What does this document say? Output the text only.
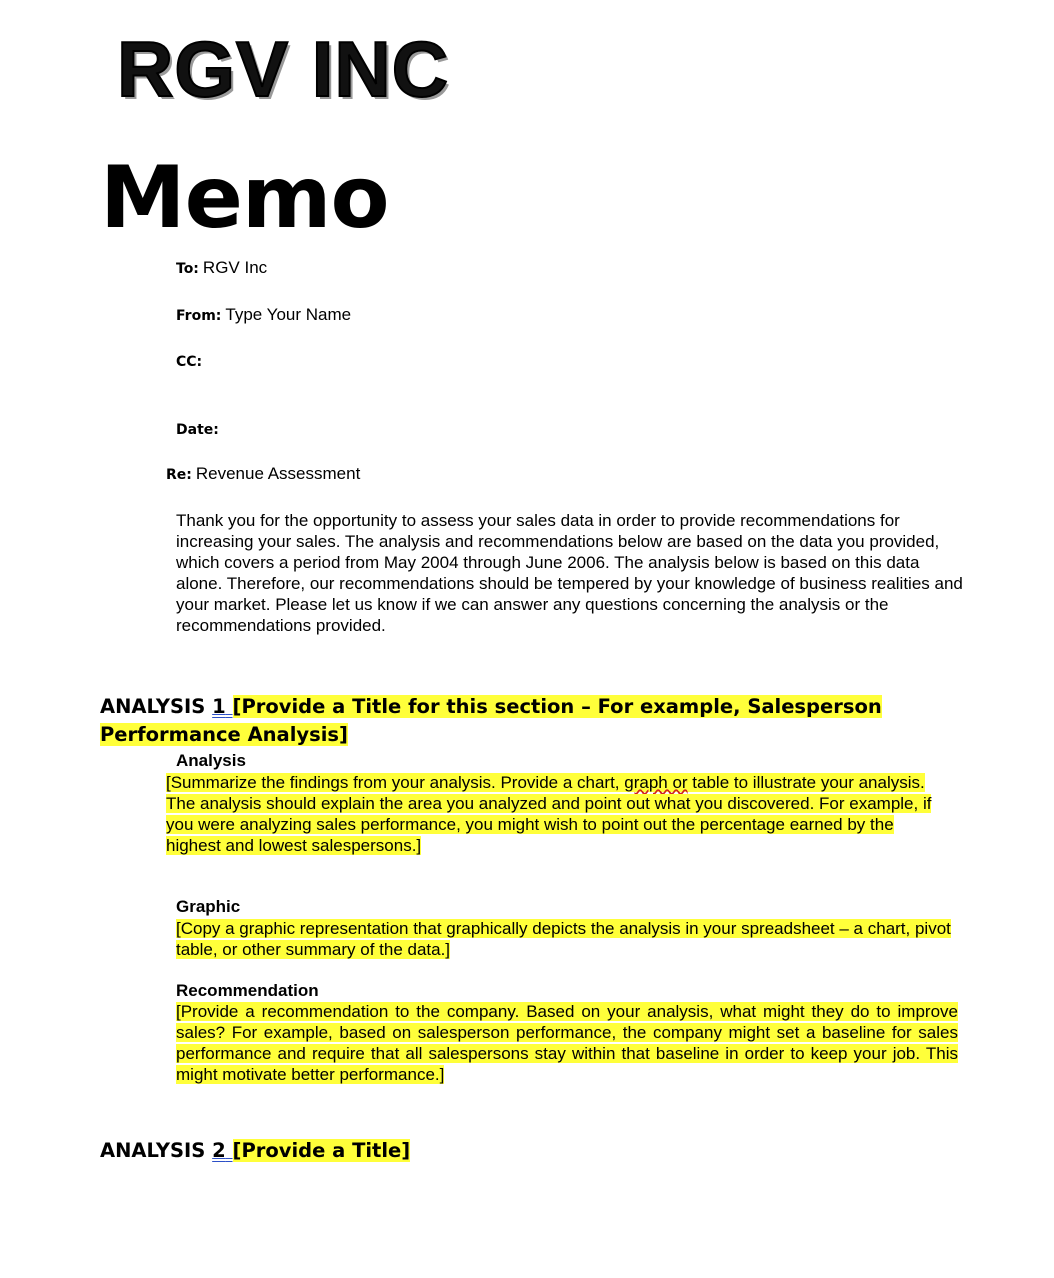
RGV INC
Memo
To: RGV Inc
From: Type Your Name
CC:
Date:
Re: Revenue Assessment
Thank you for the opportunity to assess your sales data in order to provide recommendations for increasing your sales. The analysis and recommendations below are based on the data you provided, which covers a period from May 2004 through June 2006. The analysis below is based on this data alone. Therefore, our recommendations should be tempered by your knowledge of business realities and your market. Please let us know if we can answer any questions concerning the analysis or the recommendations provided.
ANALYSIS 1 [Provide a Title for this section – For example, Salesperson Performance Analysis]
Analysis
[Summarize the findings from your analysis. Provide a chart, graph or table to illustrate your analysis. The analysis should explain the area you analyzed and point out what you discovered. For example, if you were analyzing sales performance, you might wish to point out the percentage earned by the highest and lowest salespersons.]
Graphic
[Copy a graphic representation that graphically depicts the analysis in your spreadsheet – a chart, pivot table, or other summary of the data.]
Recommendation
[Provide a recommendation to the company. Based on your analysis, what might they do to improve sales? For example, based on salesperson performance, the company might set a baseline for sales performance and require that all salespersons stay within that baseline in order to keep your job. This might motivate better performance.]
ANALYSIS 2 [Provide a Title]
